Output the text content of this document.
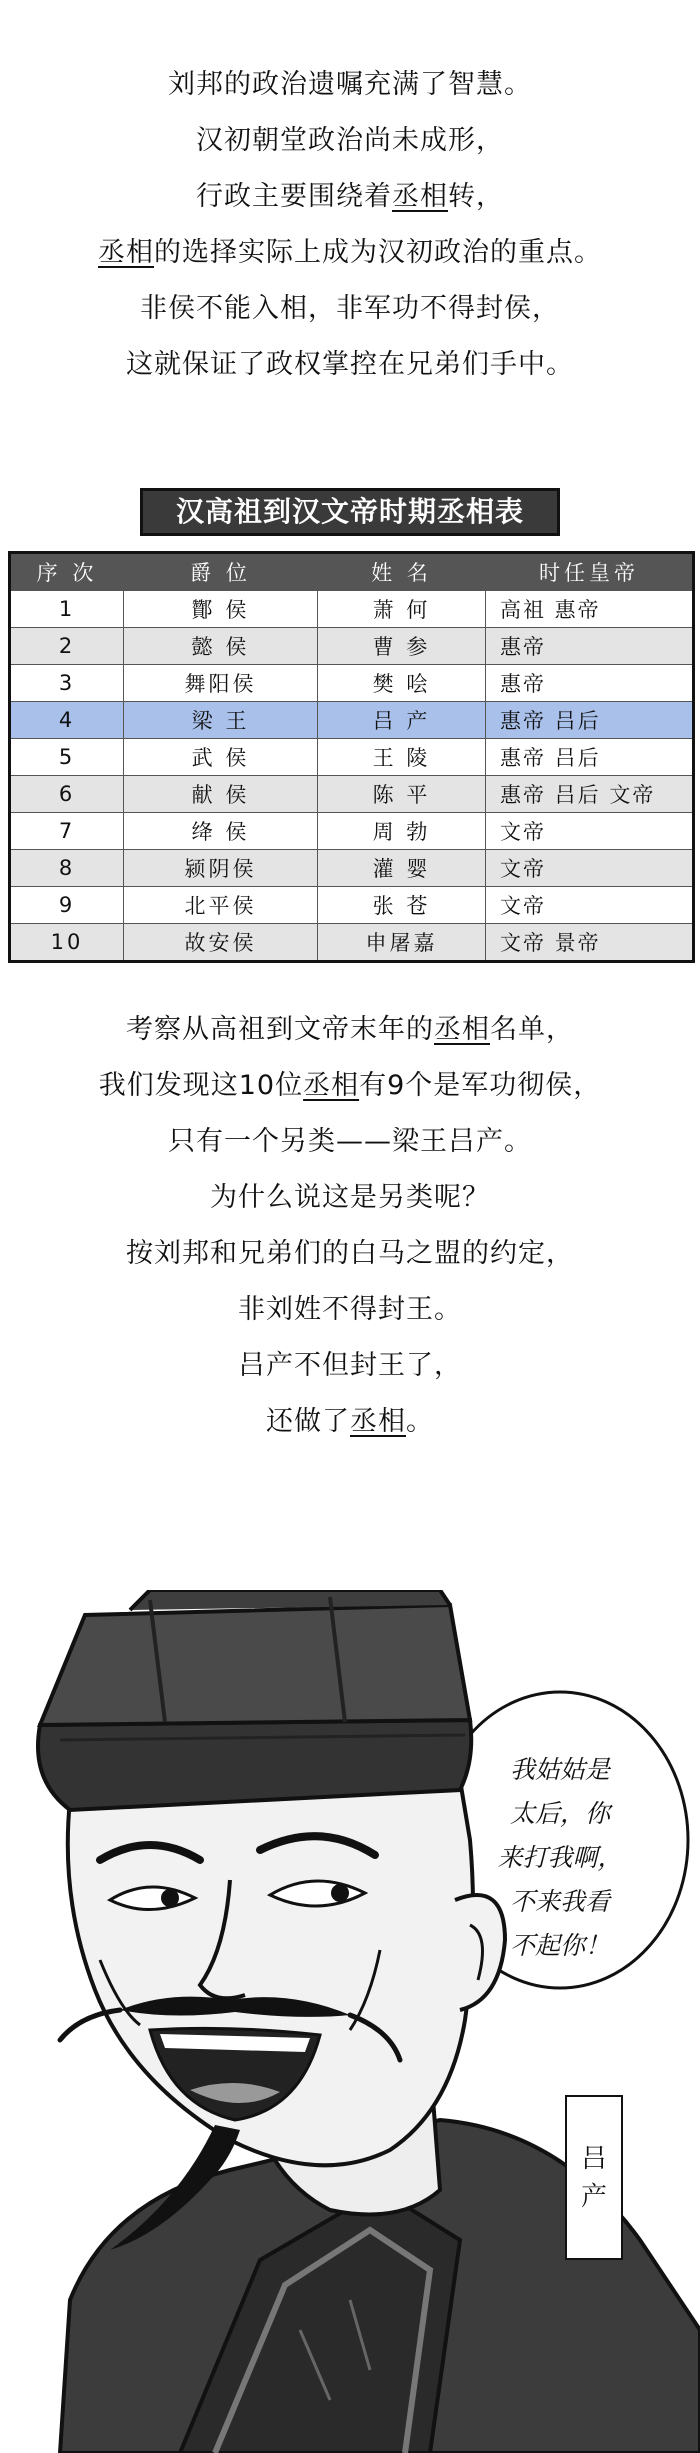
刘邦的政治遗嘱充满了智慧。

汉初朝堂政治尚未成形，

行政主要围绕着丞相转，

丞相的选择实际上成为汉初政治的重点。

非侯不能入相，非军功不得封侯，

这就保证了政权掌控在兄弟们手中。

汉高祖到汉文帝时期丞相表
序 次	爵 位	姓 名	时任皇帝
1	酇 侯	萧 何	高祖 惠帝
2	懿 侯	曹 参	惠帝
3	舞阳侯	樊 哙	惠帝
4	梁 王	吕 产	惠帝 吕后
5	武 侯	王 陵	惠帝 吕后
6	献 侯	陈 平	惠帝 吕后 文帝
7	绛 侯	周 勃	文帝
8	颍阴侯	灌 婴	文帝
9	北平侯	张 苍	文帝
10	故安侯	申屠嘉	文帝 景帝

考察从高祖到文帝末年的丞相名单，

我们发现这10位丞相有9个是军功彻侯，

只有一个另类——梁王吕产。

为什么说这是另类呢？

按刘邦和兄弟们的白马之盟的约定，

非刘姓不得封王。

吕产不但封王了，

还做了丞相。

我姑姑是
太后，你
来打我啊，
不来我看
不起你！
吕
产
